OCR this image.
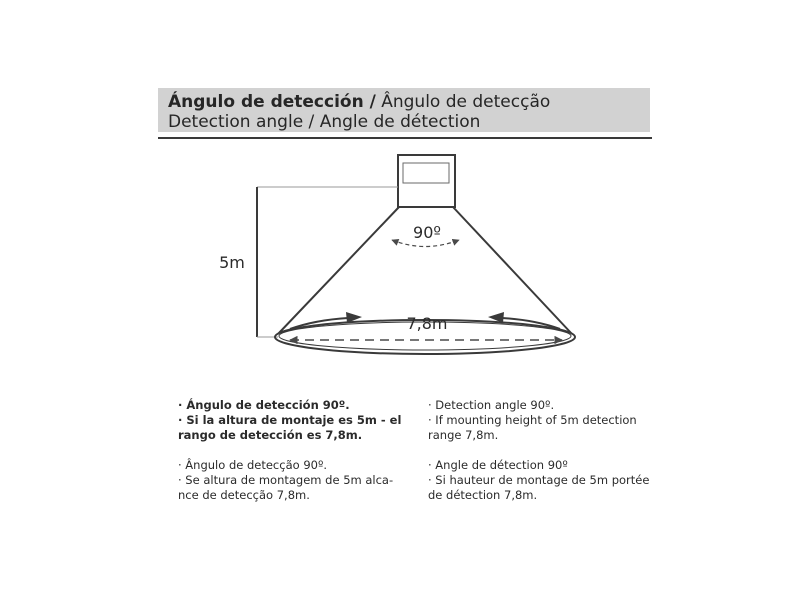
Ángulo de detección / Ângulo de detecção
Detection angle / Angle de détection
90º
5m
7,8m

· Ángulo de detección 90º.

· Si la altura de montaje es 5m - el

rango de detección es 7,8m.

· Ângulo de detecção 90º.

· Se altura de montagem de 5m alca-

nce de detecção 7,8m.

· Detection angle 90º.

· If mounting height of 5m detection

range 7,8m.

· Angle de détection 90º

· Si hauteur de montage de 5m portée

de détection 7,8m.
